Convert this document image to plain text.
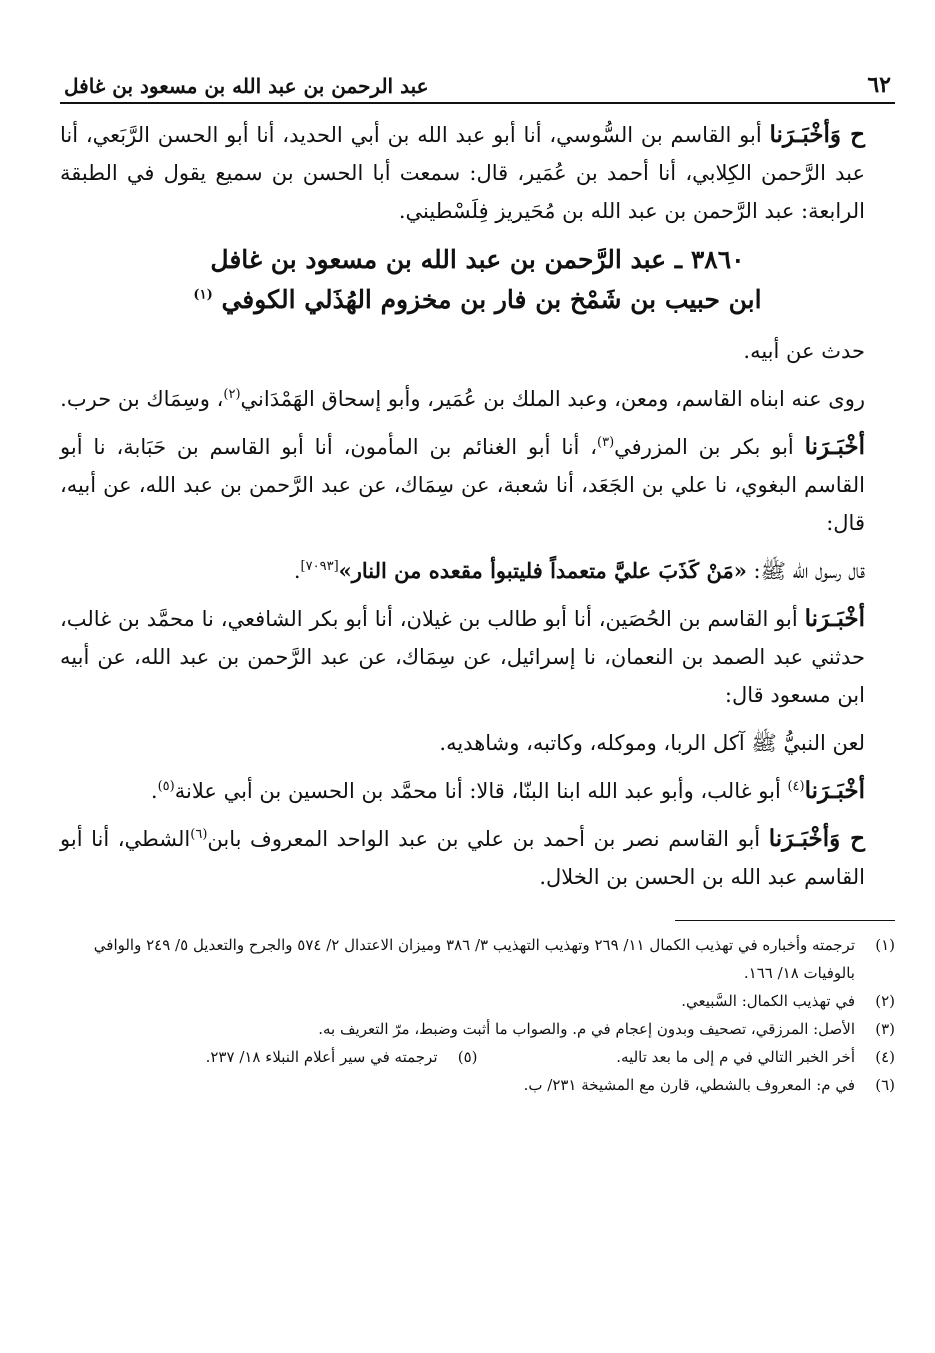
٦٢
عبد الرحمن بن عبد الله بن مسعود بن غافل

ح وَأخْبَـرَنا أبو القاسم بن السُّوسي، أنا أبو عبد الله بن أبي الحديد، أنا أبو الحسن الرَّبَعي، أنا عبد الرَّحمن الكِلابي، أنا أحمد بن عُمَير، قال: سمعت أبا الحسن بن سميع يقول في الطبقة الرابعة: عبد الرَّحمن بن عبد الله بن مُحَيريز فِلَسْطيني.

٣٨٦٠ ـ عبد الرَّحمن بن عبد الله بن مسعود بن غافل
ابن حبيب بن شَمْخ بن فار بن مخزوم الهُذَلي الكوفي $^{(١)}$

حدث عن أبيه.

روى عنه ابناه القاسم، ومعن، وعبد الملك بن عُمَير، وأبو إسحاق الهَمْدَاني$^{(٢)}$، وسِمَاك بن حرب.

أخْبَـرَنا أبو بكر بن المزرفي$^{(٣)}$، أنا أبو الغنائم بن المأمون، أنا أبو القاسم بن حَبَابة، نا أبو القاسم البغوي، نا علي بن الجَعَد، أنا شعبة، عن سِمَاك، عن عبد الرَّحمن بن عبد الله، عن أبيه، قال:

قال رسول الله ﷺ: «مَنْ كَذَبَ عليَّ متعمداً فليتبوأ مقعده من النار»[٧٠٩٣].

أخْبَـرَنا أبو القاسم بن الحُصَين، أنا أبو طالب بن غيلان، أنا أبو بكر الشافعي، نا محمَّد بن غالب، حدثني عبد الصمد بن النعمان، نا إسرائيل، عن سِمَاك، عن عبد الرَّحمن بن عبد الله، عن أبيه ابن مسعود قال:

لعن النبيُّ ﷺ آكل الربا، وموكله، وكاتبه، وشاهديه.

أخْبَـرَنا$^{(٤)}$ أبو غالب، وأبو عبد الله ابنا البنّا، قالا: أنا محمَّد بن الحسين بن أبي علانة$^{(٥)}$.

ح وَأخْبَـرَنا أبو القاسم نصر بن أحمد بن علي بن عبد الواحد المعروف بابن$^{(٦)}$الشطي، أنا أبو القاسم عبد الله بن الحسن بن الخلال.

(١)
ترجمته وأخباره في تهذيب الكمال ١١/ ٢٦٩ وتهذيب التهذيب ٣/ ٣٨٦ وميزان الاعتدال ٢/ ٥٧٤ والجرح والتعديل ٥/ ٢٤٩ والوافي بالوفيات ١٨/ ١٦٦.
(٢)
في تهذيب الكمال: السَّبيعي.
(٣)
الأصل: المرزقي، تصحيف وبدون إعجام في م. والصواب ما أثبت وضبط، مرّ التعريف به.
(٤)
أخر الخبر التالي في م إلى ما بعد تاليه.
(٥)
ترجمته في سير أعلام النبلاء ١٨/ ٢٣٧.
(٦)
في م: المعروف بالشطي، قارن مع المشيخة ٢٣١/ ب.
